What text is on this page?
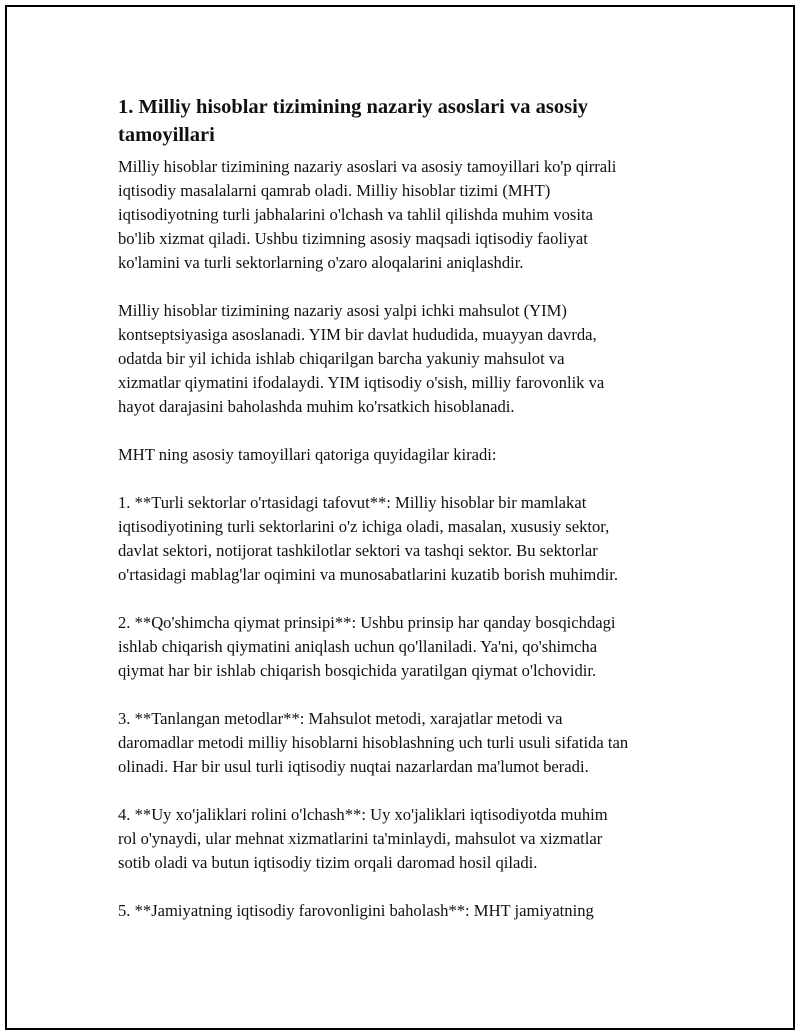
1. Milliy hisoblar tizimining nazariy asoslari va asosiy
tamoyillari

Milliy hisoblar tizimining nazariy asoslari va asosiy tamoyillari ko'p qirrali
iqtisodiy masalalarni qamrab oladi. Milliy hisoblar tizimi (MHT)
iqtisodiyotning turli jabhalarini o'lchash va tahlil qilishda muhim vosita
bo'lib xizmat qiladi. Ushbu tizimning asosiy maqsadi iqtisodiy faoliyat
ko'lamini va turli sektorlarning o'zaro aloqalarini aniqlashdir.

Milliy hisoblar tizimining nazariy asosi yalpi ichki mahsulot (YIM)
kontseptsiyasiga asoslanadi. YIM bir davlat hududida, muayyan davrda,
odatda bir yil ichida ishlab chiqarilgan barcha yakuniy mahsulot va
xizmatlar qiymatini ifodalaydi. YIM iqtisodiy o'sish, milliy farovonlik va
hayot darajasini baholashda muhim ko'rsatkich hisoblanadi.

MHT ning asosiy tamoyillari qatoriga quyidagilar kiradi:

1. **Turli sektorlar o'rtasidagi tafovut**: Milliy hisoblar bir mamlakat
iqtisodiyotining turli sektorlarini o'z ichiga oladi, masalan, xususiy sektor,
davlat sektori, notijorat tashkilotlar sektori va tashqi sektor. Bu sektorlar
o'rtasidagi mablag'lar oqimini va munosabatlarini kuzatib borish muhimdir.

2. **Qo'shimcha qiymat prinsipi**: Ushbu prinsip har qanday bosqichdagi
ishlab chiqarish qiymatini aniqlash uchun qo'llaniladi. Ya'ni, qo'shimcha
qiymat har bir ishlab chiqarish bosqichida yaratilgan qiymat o'lchovidir.

3. **Tanlangan metodlar**: Mahsulot metodi, xarajatlar metodi va
daromadlar metodi milliy hisoblarni hisoblashning uch turli usuli sifatida tan
olinadi. Har bir usul turli iqtisodiy nuqtai nazarlardan ma'lumot beradi.

4. **Uy xo'jaliklari rolini o'lchash**: Uy xo'jaliklari iqtisodiyotda muhim
rol o'ynaydi, ular mehnat xizmatlarini ta'minlaydi, mahsulot va xizmatlar
sotib oladi va butun iqtisodiy tizim orqali daromad hosil qiladi.

5. **Jamiyatning iqtisodiy farovonligini baholash**: MHT jamiyatning
